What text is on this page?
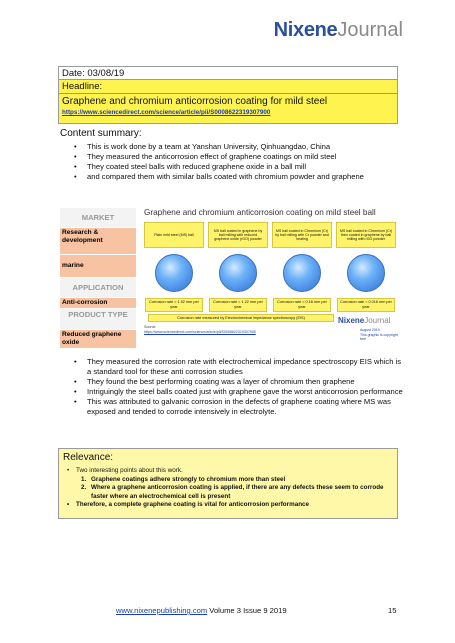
NixeneJournal
Date: 03/08/19
Headline:
Graphene and chromium anticorrosion coating for mild steel
https://www.sciencedirect.com/science/article/pii/S0008622319307900
Content summary:
• This is work done by a team at Yanshan University, Qinhuangdao, China
• They measured the anticorrosion effect of graphene coatings on mild steel
• They coated steel balls with reduced graphene oxide in a ball mill
• and compared them with similar balls coated with chromium powder and graphene
MARKET
Research & development
marine
APPLICATION
Anti-corrosion
PRODUCT TYPE
Reduced graphene oxide
Graphene and chromium anticorrosion coating on mild steel ball
Plain mild steel (MS) ball
MS ball coated in graphene by ball milling with reduced graphene oxide (rGO) powder
MS ball coated in Chromium (Cr) by ball milling with Cr powder and heating
MS ball coated in Chromium (Cr) then coated in graphene by ball milling with rGO powder
Corrosion rate = 1.92 mm per year
Corrosion rate = 1.22 mm per year
Corrosion rate = 0.16 mm per year
Corrosion rate = 0.016 mm per year
Corrosion rate measured by Electrochemical impedance spectroscopy (EIS)
Source:
https://www.sciencedirect.com/science/article/pii/S0008622319307900
NixeneJournal
August 2019
This graphic is copyright free
• They measured the corrosion rate with electrochemical impedance spectroscopy EIS which is a standard tool for these anti corrosion studies
• They found the best performing coating was a layer of chromium then graphene
• Intriguingly the steel balls coated just with graphene gave the worst anticorrosion performance
• This was attributed to galvanic corrosion in the defects of graphene coating where MS was exposed and tended to corrode intensively in electrolyte.
Relevance:
• Two interesting points about this work.
1. Graphene coatings adhere strongly to chromium more than steel
2. Where a graphene anticorrosion coating is applied, if there are any defects these seem to corrode faster where an electrochemical cell is present
• Therefore, a complete graphene coating is vital for anticorrosion performance
www.nixenepublishing.com Volume 3 Issue 9 2019	15
